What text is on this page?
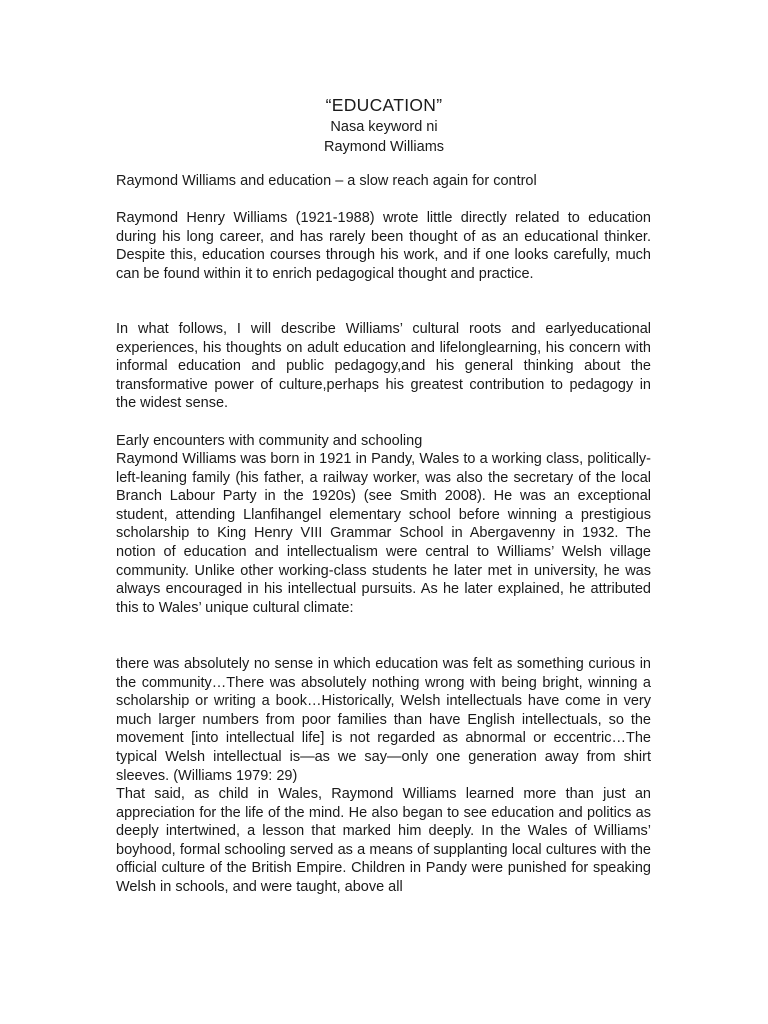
“EDUCATION”
Nasa keyword ni
Raymond Williams
Raymond Williams and education – a slow reach again for control

Raymond Henry Williams (1921-1988) wrote little directly related to education during his long career, and has rarely been thought of as an educational thinker. Despite this, education courses through his work, and if one looks carefully, much can be found within it to enrich pedagogical thought and practice.

In what follows, I will describe Williams’ cultural roots and earlyeducational experiences, his thoughts on adult education and lifelonglearning, his concern with informal education and public pedagogy,and his general thinking about the transformative power of culture,perhaps his greatest contribution to pedagogy in the widest sense.

Early encounters with community and schooling

Raymond Williams was born in 1921 in Pandy, Wales to a working class, politically-left-leaning family (his father, a railway worker, was also the secretary of the local Branch Labour Party in the 1920s) (see Smith 2008). He was an exceptional student, attending Llanfihangel elementary school before winning a prestigious scholarship to King Henry VIII Grammar School in Abergavenny in 1932. The notion of education and intellectualism were central to Williams’ Welsh village community. Unlike other working-class students he later met in university, he was always encouraged in his intellectual pursuits. As he later explained, he attributed this to Wales’ unique cultural climate:

there was absolutely no sense in which education was felt as something curious in the community…There was absolutely nothing wrong with being bright, winning a scholarship or writing a book…Historically, Welsh intellectuals have come in very much larger numbers from poor families than have English intellectuals, so the movement [into intellectual life] is not regarded as abnormal or eccentric…The typical Welsh intellectual is—as we say—only one generation away from shirt sleeves. (Williams 1979: 29)

That said, as child in Wales, Raymond Williams learned more than just an appreciation for the life of the mind. He also began to see education and politics as deeply intertwined, a lesson that marked him deeply. In the Wales of Williams’ boyhood, formal schooling served as a means of supplanting local cultures with the official culture of the British Empire. Children in Pandy were punished for speaking Welsh in schools, and were taught, above all
